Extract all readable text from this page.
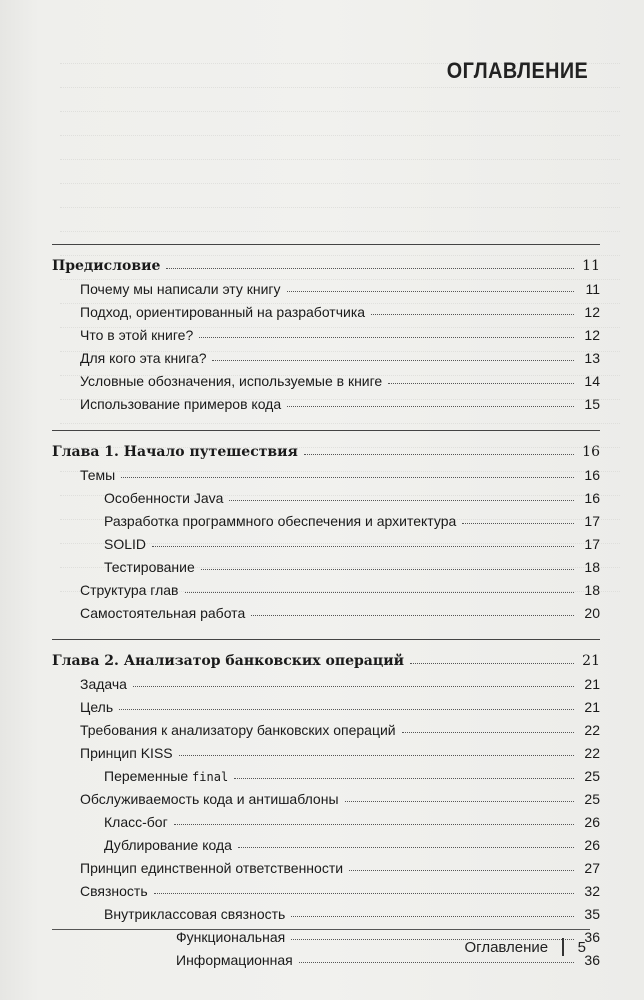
ОГЛАВЛЕНИЕ
Предисловие	11
Почему мы написали эту книгу	11
Подход, ориентированный на разработчика	12
Что в этой книге?	12
Для кого эта книга?	13
Условные обозначения, используемые в книге	14
Использование примеров кода	15
Глава 1. Начало путешествия	16
Темы	16
Особенности Java	16
Разработка программного обеспечения и архитектура	17
SOLID	17
Тестирование	18
Структура глав	18
Самостоятельная работа	20
Глава 2. Анализатор банковских операций	21
Задача	21
Цель	21
Требования к анализатору банковских операций	22
Принцип KISS	22
Переменные final	25
Обслуживаемость кода и антишаблоны	25
Класс-бог	26
Дублирование кода	26
Принцип единственной ответственности	27
Связность	32
Внутриклассовая связность	35
Функциональная	36
Информационная	36
Оглавление 5
